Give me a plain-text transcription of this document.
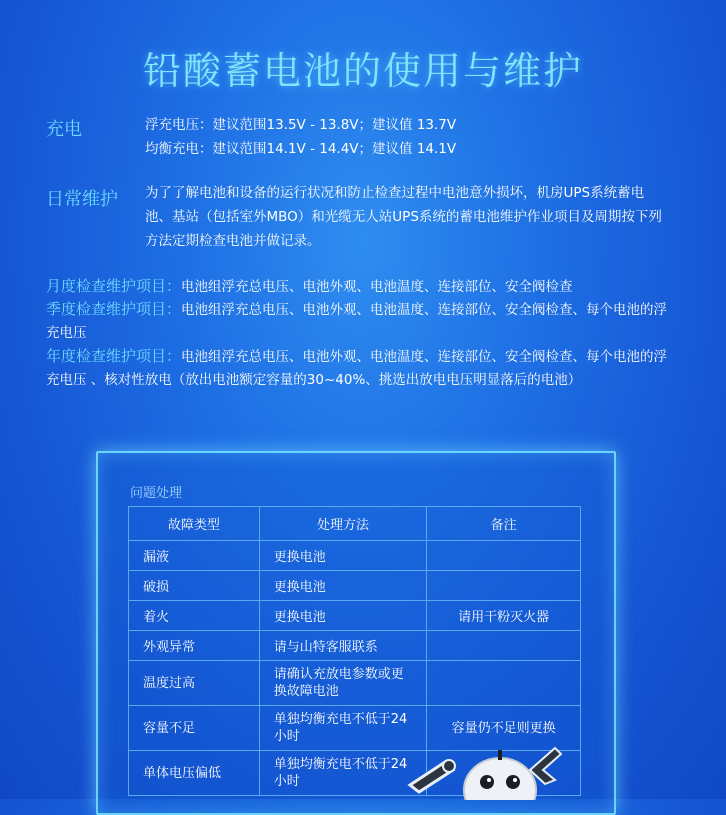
铅酸蓄电池的使用与维护
充电	浮充电压：建议范围13.5V - 13.8V；建议值 13.7V
均衡充电：建议范围14.1V - 14.4V；建议值 14.1V
日常维护 为了了解电池和设备的运行状况和防止检查过程中电池意外损坏，机房UPS系统蓄电池、基站（包括室外MBO）和光缆无人站UPS系统的蓄电池维护作业项目及周期按下列方法定期检查电池并做记录。
月度检查维护项目：电池组浮充总电压、电池外观、电池温度、连接部位、安全阀检查
季度检查维护项目：电池组浮充总电压、电池外观、电池温度、连接部位、安全阀检查、每个电池的浮充电压
年度检查维护项目：电池组浮充总电压、电池外观、电池温度、连接部位、安全阀检查、每个电池的浮充电压 、核对性放电（放出电池额定容量的30~40%、挑选出放电电压明显落后的电池）
问题处理
故障类型	处理方法	备注
漏液	更换电池	
破损	更换电池	
着火	更换电池	请用干粉灭火器
外观异常	请与山特客服联系	
温度过高	请确认充放电参数或更换故障电池	
容量不足	单独均衡充电不低于24小时	容量仍不足则更换
单体电压偏低	单独均衡充电不低于24小时	
